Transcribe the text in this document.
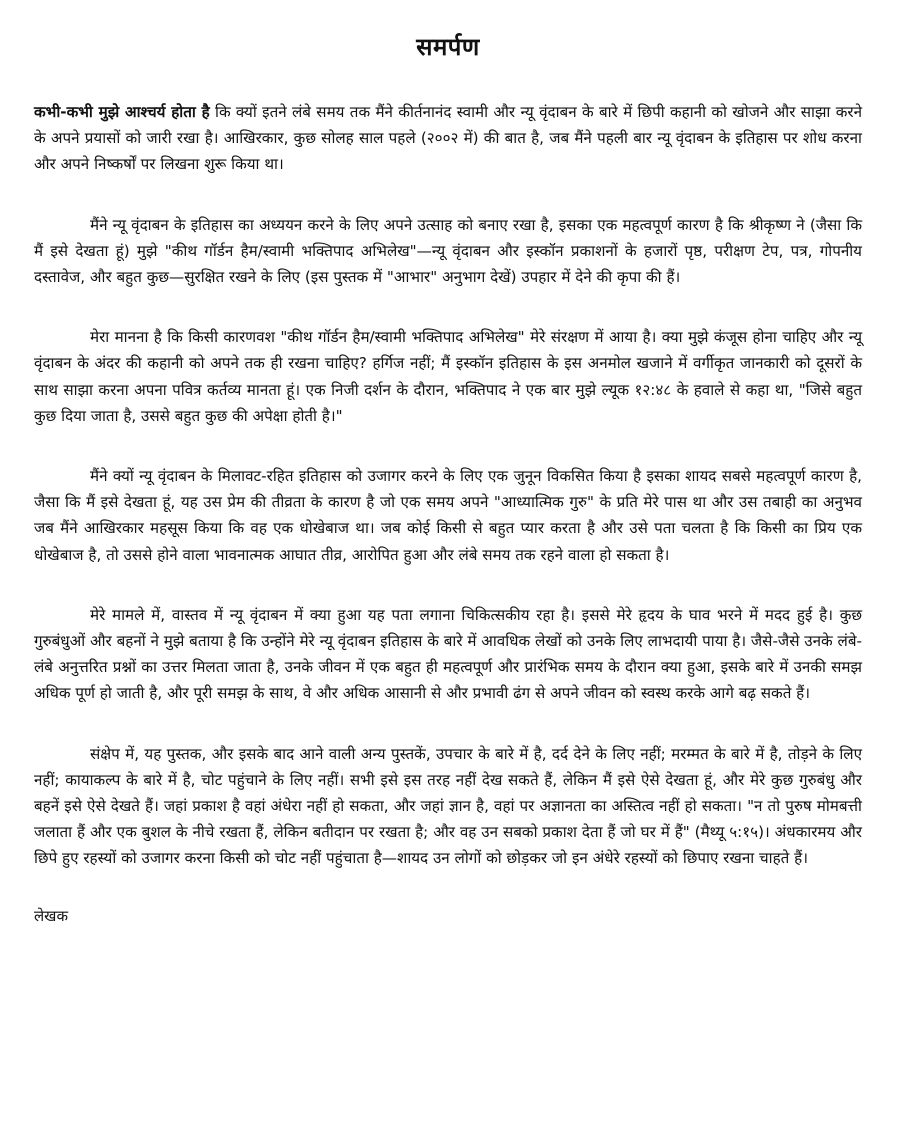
समर्पण

कभी-कभी मुझे आश्चर्य होता है कि क्यों इतने लंबे समय तक मैंने कीर्तनानंद स्वामी और न्यू वृंदाबन के बारे में छिपी कहानी को खोजने और साझा करने के अपने प्रयासों को जारी रखा है। आखिरकार, कुछ सोलह साल पहले (२००२ में) की बात है, जब मैंने पहली बार न्यू वृंदाबन के इतिहास पर शोध करना और अपने निष्कर्षों पर लिखना शुरू किया था।

मैंने न्यू वृंदाबन के इतिहास का अध्ययन करने के लिए अपने उत्साह को बनाए रखा है, इसका एक महत्वपूर्ण कारण है कि श्रीकृष्ण ने (जैसा कि मैं इसे देखता हूं) मुझे "कीथ गॉर्डन हैम/स्वामी भक्तिपाद अभिलेख"—न्यू वृंदाबन और इस्कॉन प्रकाशनों के हजारों पृष्ठ, परीक्षण टेप, पत्र, गोपनीय दस्तावेज, और बहुत कुछ—सुरक्षित रखने के लिए (इस पुस्तक में "आभार" अनुभाग देखें) उपहार में देने की कृपा की हैं।

मेरा मानना है कि किसी कारणवश "कीथ गॉर्डन हैम/स्वामी भक्तिपाद अभिलेख" मेरे संरक्षण में आया है। क्या मुझे कंजूस होना चाहिए और न्यू वृंदाबन के अंदर की कहानी को अपने तक ही रखना चाहिए? हर्गिज नहीं; मैं इस्कॉन इतिहास के इस अनमोल खजाने में वर्गीकृत जानकारी को दूसरों के साथ साझा करना अपना पवित्र कर्तव्य मानता हूं। एक निजी दर्शन के दौरान, भक्तिपाद ने एक बार मुझे ल्यूक १२:४८ के हवाले से कहा था, "जिसे बहुत कुछ दिया जाता है, उससे बहुत कुछ की अपेक्षा होती है।"

मैंने क्यों न्यू वृंदाबन के मिलावट-रहित इतिहास को उजागर करने के लिए एक जुनून विकसित किया है इसका शायद सबसे महत्वपूर्ण कारण है, जैसा कि मैं इसे देखता हूं, यह उस प्रेम की तीव्रता के कारण है जो एक समय अपने "आध्यात्मिक गुरु" के प्रति मेरे पास था और उस तबाही का अनुभव जब मैंने आखिरकार महसूस किया कि वह एक धोखेबाज था। जब कोई किसी से बहुत प्यार करता है और उसे पता चलता है कि किसी का प्रिय एक धोखेबाज है, तो उससे होने वाला भावनात्मक आघात तीव्र, आरोपित हुआ और लंबे समय तक रहने वाला हो सकता है।

मेरे मामले में, वास्तव में न्यू वृंदाबन में क्या हुआ यह पता लगाना चिकित्सकीय रहा है। इससे मेरे हृदय के घाव भरने में मदद हुई है। कुछ गुरुबंधुओं और बहनों ने मुझे बताया है कि उन्होंने मेरे न्यू वृंदाबन इतिहास के बारे में आवधिक लेखों को उनके लिए लाभदायी पाया है। जैसे-जैसे उनके लंबे-लंबे अनुत्तरित प्रश्नों का उत्तर मिलता जाता है, उनके जीवन में एक बहुत ही महत्वपूर्ण और प्रारंभिक समय के दौरान क्या हुआ, इसके बारे में उनकी समझ अधिक पूर्ण हो जाती है, और पूरी समझ के साथ, वे और अधिक आसानी से और प्रभावी ढंग से अपने जीवन को स्वस्थ करके आगे बढ़ सकते हैं।

संक्षेप में, यह पुस्तक, और इसके बाद आने वाली अन्य पुस्तकें, उपचार के बारे में है, दर्द देने के लिए नहीं; मरम्मत के बारे में है, तोड़ने के लिए नहीं; कायाकल्प के बारे में है, चोट पहुंचाने के लिए नहीं। सभी इसे इस तरह नहीं देख सकते हैं, लेकिन मैं इसे ऐसे देखता हूं, और मेरे कुछ गुरुबंधु और बहनें इसे ऐसे देखते हैं। जहां प्रकाश है वहां अंधेरा नहीं हो सकता, और जहां ज्ञान है, वहां पर अज्ञानता का अस्तित्व नहीं हो सकता। "न तो पुरुष मोमबत्ती जलाता हैं और एक बुशल के नीचे रखता हैं, लेकिन बतीदान पर रखता है; और वह उन सबको प्रकाश देता हैं जो घर में हैं" (मैथ्यू ५:१५)। अंधकारमय और छिपे हुए रहस्यों को उजागर करना किसी को चोट नहीं पहुंचाता है—शायद उन लोगों को छोड़कर जो इन अंधेरे रहस्यों को छिपाए रखना चाहते हैं।

लेखक
